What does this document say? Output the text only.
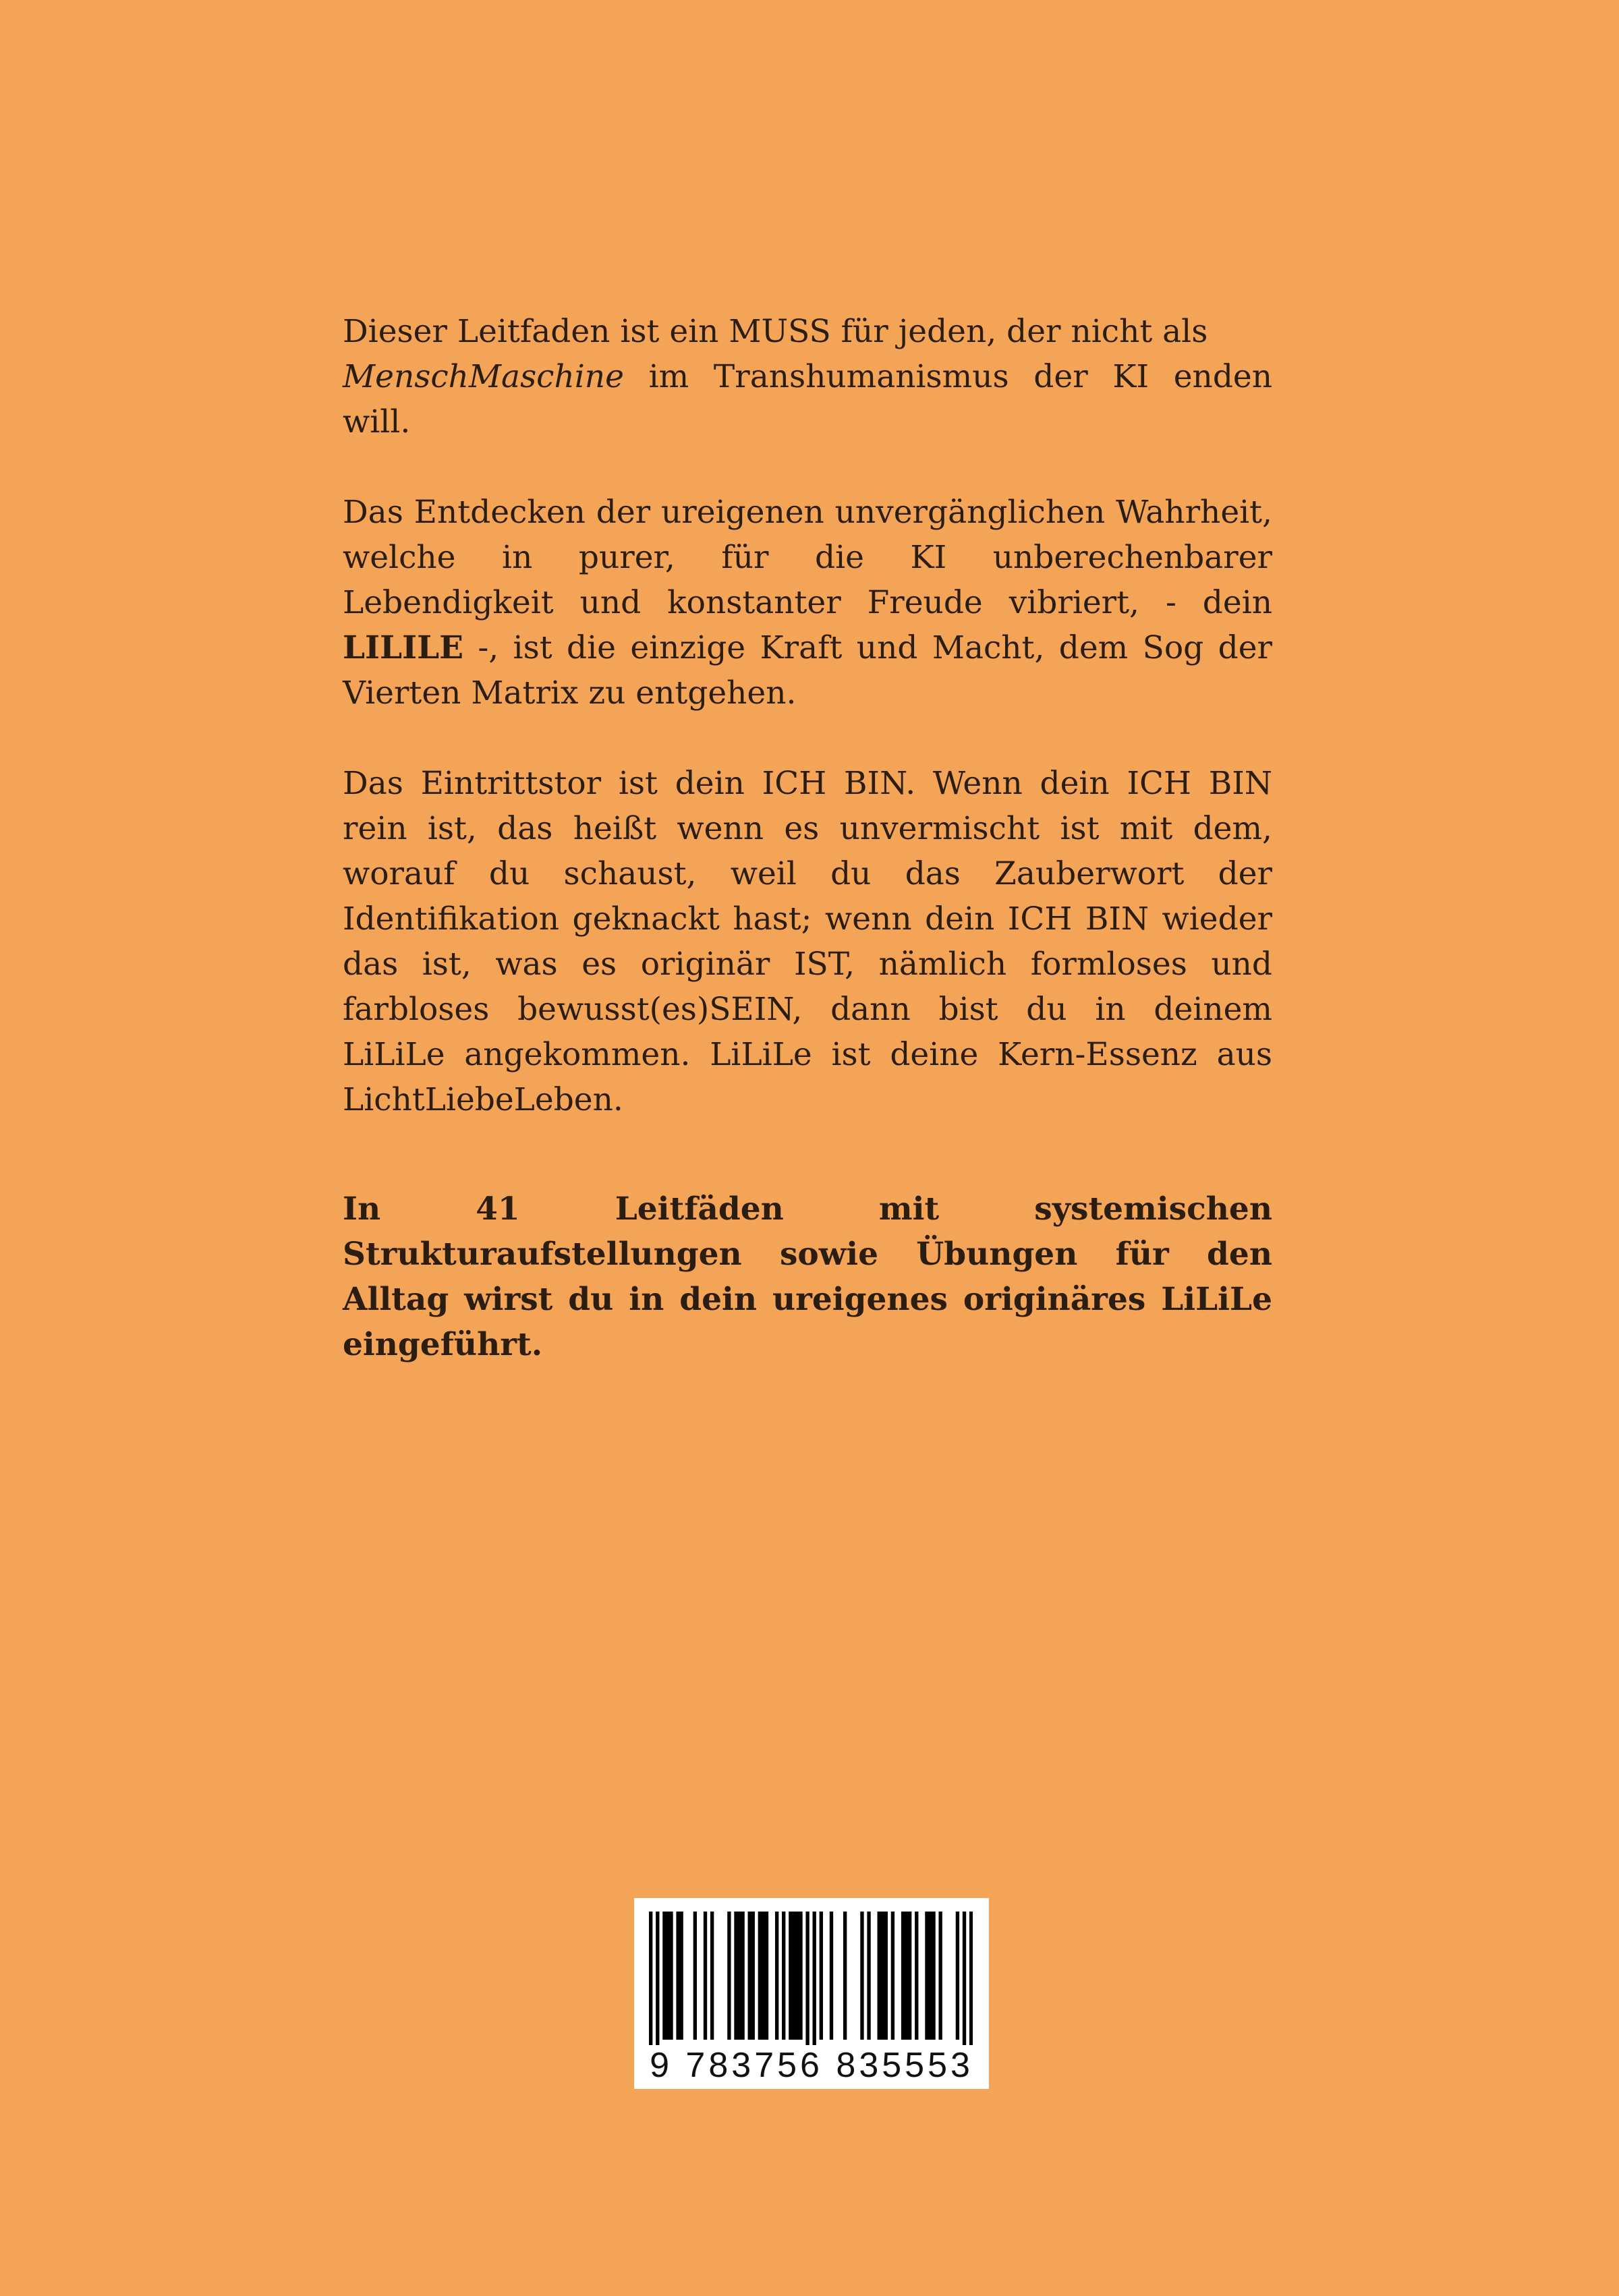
Dieser Leitfaden ist ein MUSS für jeden, der nicht als
MenschMaschine im Transhumanismus der KI enden will.

Das Entdecken der ureigenen unvergänglichen Wahrheit, welche in purer, für die KI unberechenbarer Lebendigkeit und konstanter Freude vibriert, - dein LILILE -, ist die einzige Kraft und Macht, dem Sog der Vierten Matrix zu entgehen.

Das Eintrittstor ist dein ICH BIN. Wenn dein ICH BIN rein ist, das heißt wenn es unvermischt ist mit dem, worauf du schaust, weil du das Zauberwort der Identifikation geknackt hast; wenn dein ICH BIN wieder das ist, was es originär IST, nämlich formloses und farbloses bewusst(es)SEIN, dann bist du in deinem LiLiLe angekommen. LiLiLe ist deine Kern-Essenz aus LichtLiebeLeben.

In 41 Leitfäden mit systemischen Strukturaufstellungen sowie Übungen für den Alltag wirst du in dein ureigenes originäres LiLiLe eingeführt.

9 783756 835553
